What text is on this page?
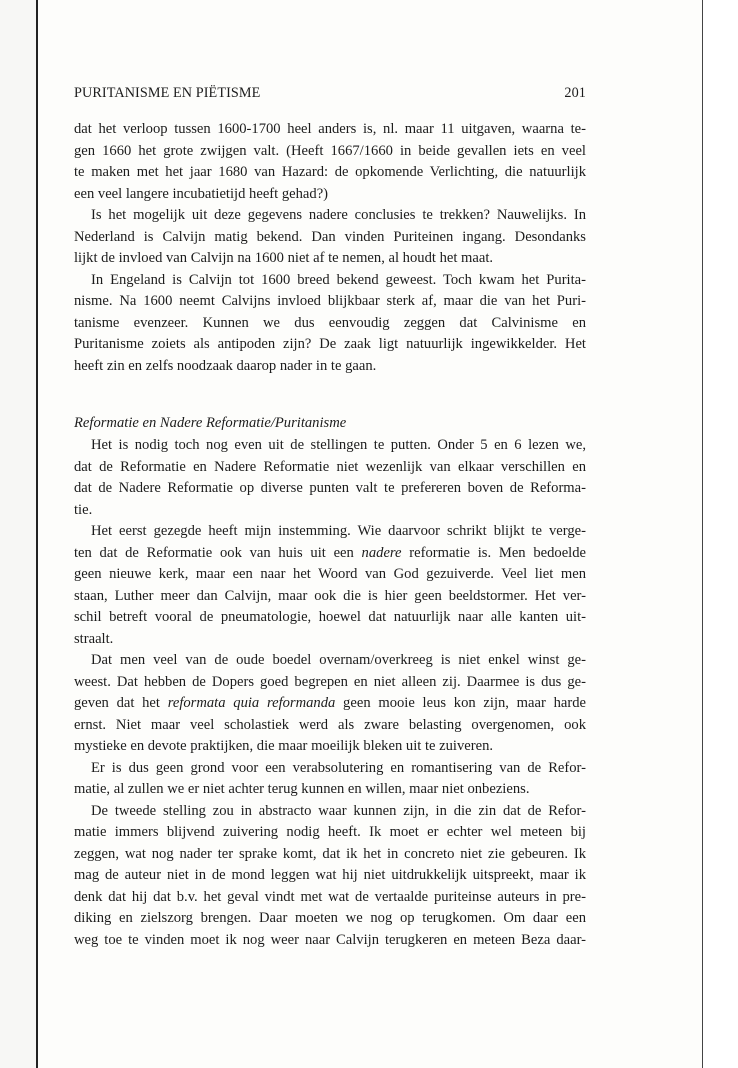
PURITANISME EN PIËTISME	201

dat het verloop tussen 1600-1700 heel anders is, nl. maar 11 uitgaven, waarna te-
gen 1660 het grote zwijgen valt. (Heeft 1667/1660 in beide gevallen iets en veel
te maken met het jaar 1680 van Hazard: de opkomende Verlichting, die natuurlijk
een veel langere incubatietijd heeft gehad?)

Is het mogelijk uit deze gegevens nadere conclusies te trekken? Nauwelijks. In
Nederland is Calvijn matig bekend. Dan vinden Puriteinen ingang. Desondanks
lijkt de invloed van Calvijn na 1600 niet af te nemen, al houdt het maat.

In Engeland is Calvijn tot 1600 breed bekend geweest. Toch kwam het Purita-
nisme. Na 1600 neemt Calvijns invloed blijkbaar sterk af, maar die van het Puri-
tanisme evenzeer. Kunnen we dus eenvoudig zeggen dat Calvinisme en
Puritanisme zoiets als antipoden zijn? De zaak ligt natuurlijk ingewikkelder. Het
heeft zin en zelfs noodzaak daarop nader in te gaan.

Reformatie en Nadere Reformatie/Puritanisme

Het is nodig toch nog even uit de stellingen te putten. Onder 5 en 6 lezen we,
dat de Reformatie en Nadere Reformatie niet wezenlijk van elkaar verschillen en
dat de Nadere Reformatie op diverse punten valt te prefereren boven de Reforma-
tie.

Het eerst gezegde heeft mijn instemming. Wie daarvoor schrikt blijkt te verge-
ten dat de Reformatie ook van huis uit een nadere reformatie is. Men bedoelde
geen nieuwe kerk, maar een naar het Woord van God gezuiverde. Veel liet men
staan, Luther meer dan Calvijn, maar ook die is hier geen beeldstormer. Het ver-
schil betreft vooral de pneumatologie, hoewel dat natuurlijk naar alle kanten uit-
straalt.

Dat men veel van de oude boedel overnam/overkreeg is niet enkel winst ge-
weest. Dat hebben de Dopers goed begrepen en niet alleen zij. Daarmee is dus ge-
geven dat het reformata quia reformanda geen mooie leus kon zijn, maar harde
ernst. Niet maar veel scholastiek werd als zware belasting overgenomen, ook
mystieke en devote praktijken, die maar moeilijk bleken uit te zuiveren.

Er is dus geen grond voor een verabsolutering en romantisering van de Refor-
matie, al zullen we er niet achter terug kunnen en willen, maar niet onbeziens.

De tweede stelling zou in abstracto waar kunnen zijn, in die zin dat de Refor-
matie immers blijvend zuivering nodig heeft. Ik moet er echter wel meteen bij
zeggen, wat nog nader ter sprake komt, dat ik het in concreto niet zie gebeuren. Ik
mag de auteur niet in de mond leggen wat hij niet uitdrukkelijk uitspreekt, maar ik
denk dat hij dat b.v. het geval vindt met wat de vertaalde puriteinse auteurs in pre-
diking en zielszorg brengen. Daar moeten we nog op terugkomen. Om daar een
weg toe te vinden moet ik nog weer naar Calvijn terugkeren en meteen Beza daar-
